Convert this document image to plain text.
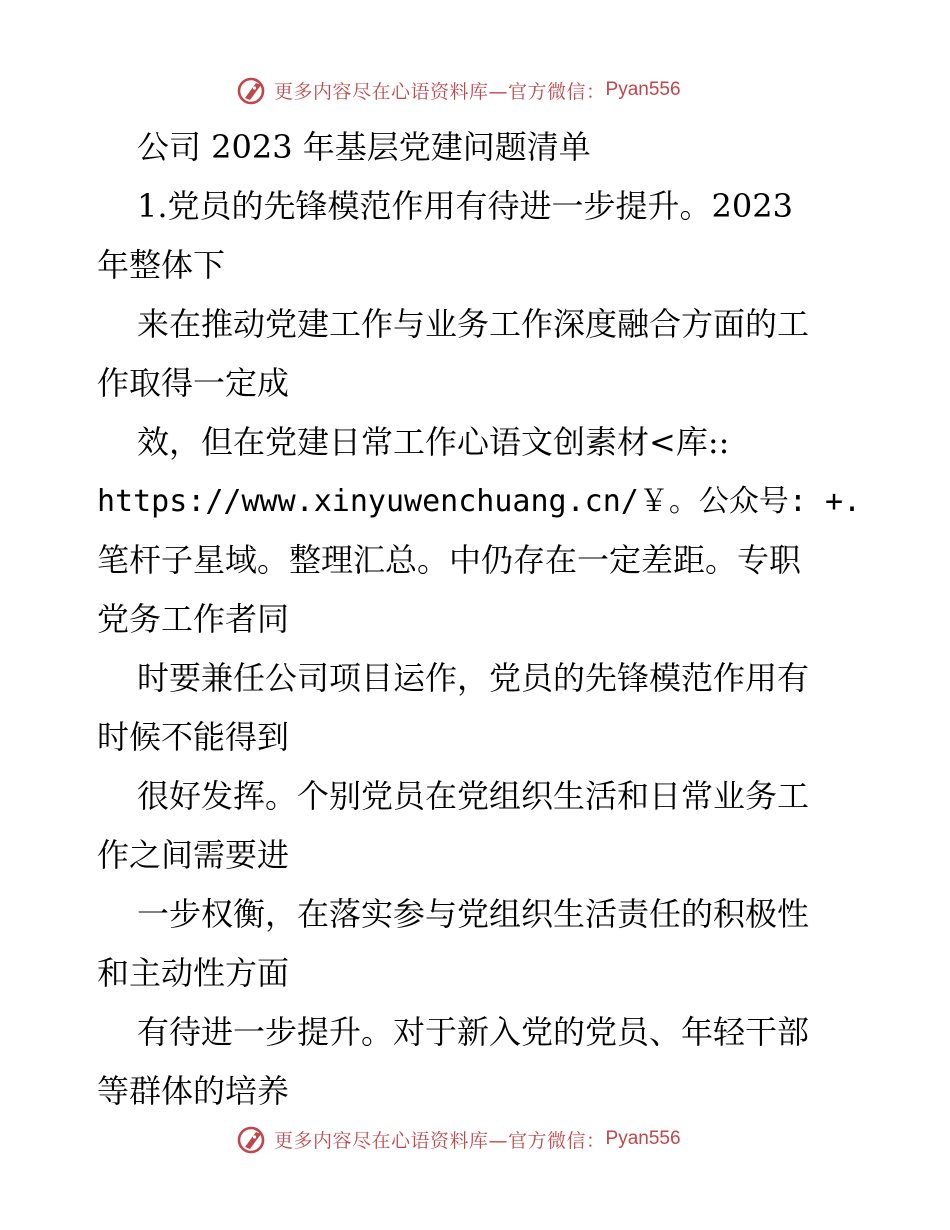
更多内容尽在心语资料库—官方微信： Pyan556
公司 2023 年基层党建问题清单
1.党员的先锋模范作用有待进一步提升。2023
年整体下
来在推动党建工作与业务工作深度融合方面的工
作取得一定成
效，但在党建日常工作心语文创素材<库::
https://www.xinyuwenchuang.cn/￥。公众号: +.
笔杆子星域。整理汇总。中仍存在一定差距。专职
党务工作者同
时要兼任公司项目运作，党员的先锋模范作用有
时候不能得到
很好发挥。个别党员在党组织生活和日常业务工
作之间需要进
一步权衡，在落实参与党组织生活责任的积极性
和主动性方面
有待进一步提升。对于新入党的党员、年轻干部
等群体的培养
更多内容尽在心语资料库—官方微信： Pyan556
